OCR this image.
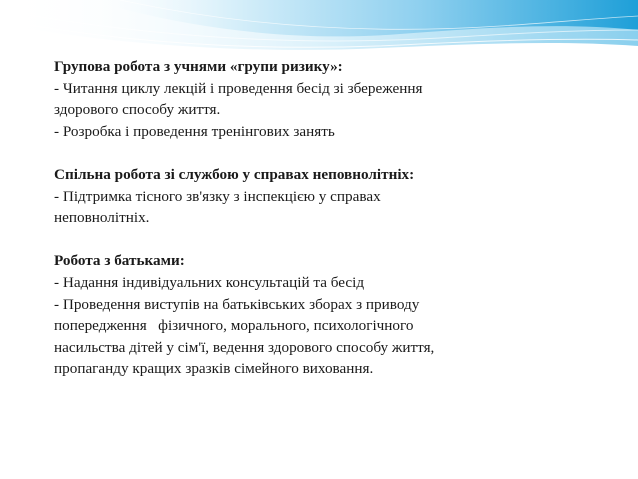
Групова робота з учнями «групи ризику»:

- Читання циклу лекцій і проведення бесід зі збереження

здорового способу життя.

- Розробка і проведення тренінгових занять

Спільна робота зі службою у справах неповнолітніх:

- Підтримка тісного зв'язку з інспекцією у справах

неповнолітніх.

Робота з батьками:

- Надання індивідуальних консультацій та бесід

- Проведення виступів на батьківських зборах з приводу

попередження   фізичного, морального, психологічного

насильства дітей у сім'ї, ведення здорового способу життя,

пропаганду кращих зразків сімейного виховання.
